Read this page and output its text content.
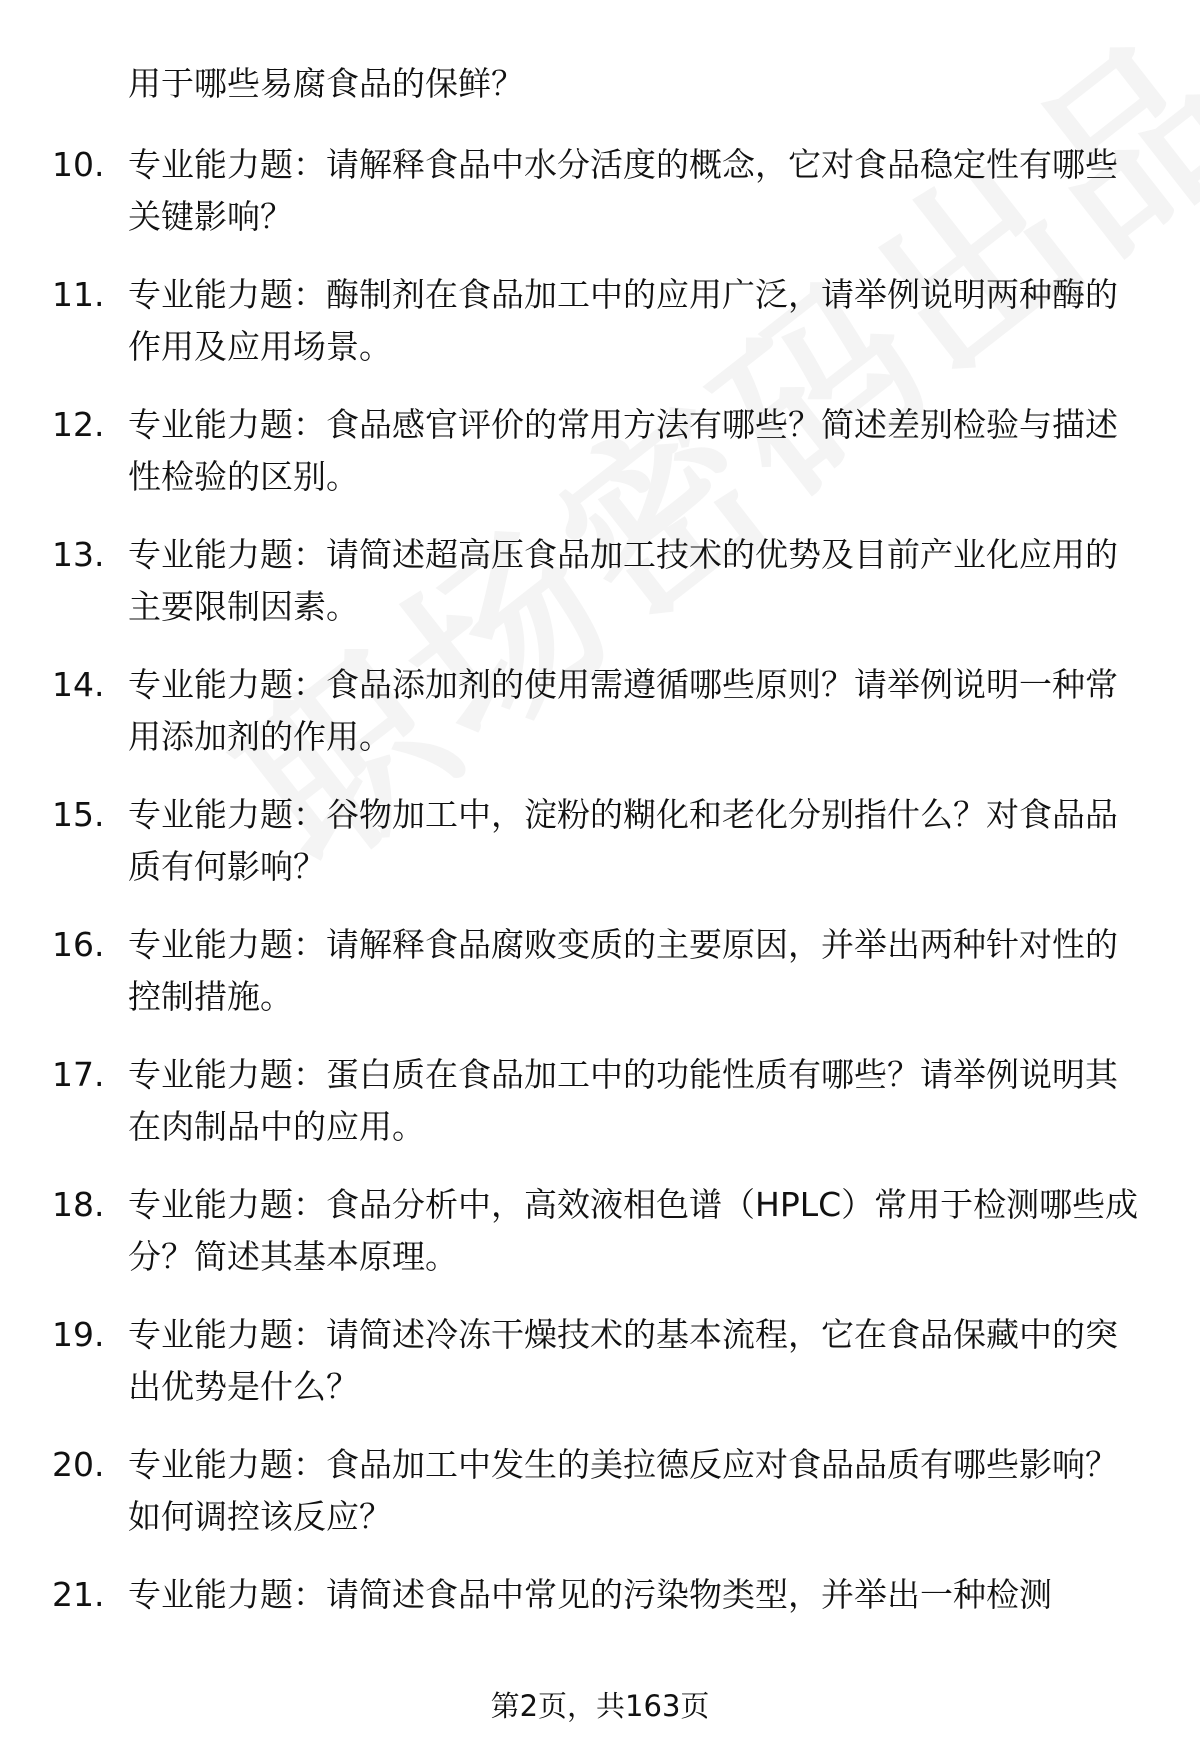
用于哪些易腐食品的保鲜？
10. 专业能力题：请解释食品中水分活度的概念，它对食品稳定性有哪些关键影响？
11. 专业能力题：酶制剂在食品加工中的应用广泛，请举例说明两种酶的作用及应用场景。
12. 专业能力题：食品感官评价的常用方法有哪些？简述差别检验与描述性检验的区别。
13. 专业能力题：请简述超高压食品加工技术的优势及目前产业化应用的主要限制因素。
14. 专业能力题：食品添加剂的使用需遵循哪些原则？请举例说明一种常用添加剂的作用。
15. 专业能力题：谷物加工中，淀粉的糊化和老化分别指什么？对食品品质有何影响？
16. 专业能力题：请解释食品腐败变质的主要原因，并举出两种针对性的控制措施。
17. 专业能力题：蛋白质在食品加工中的功能性质有哪些？请举例说明其在肉制品中的应用。
18. 专业能力题：食品分析中，高效液相色谱（HPLC）常用于检测哪些成分？简述其基本原理。
19. 专业能力题：请简述冷冻干燥技术的基本流程，它在食品保藏中的突出优势是什么？
20. 专业能力题：食品加工中发生的美拉德反应对食品品质有哪些影响？如何调控该反应？
21. 专业能力题：请简述食品中常见的污染物类型，并举出一种检测
第2页，共163页
